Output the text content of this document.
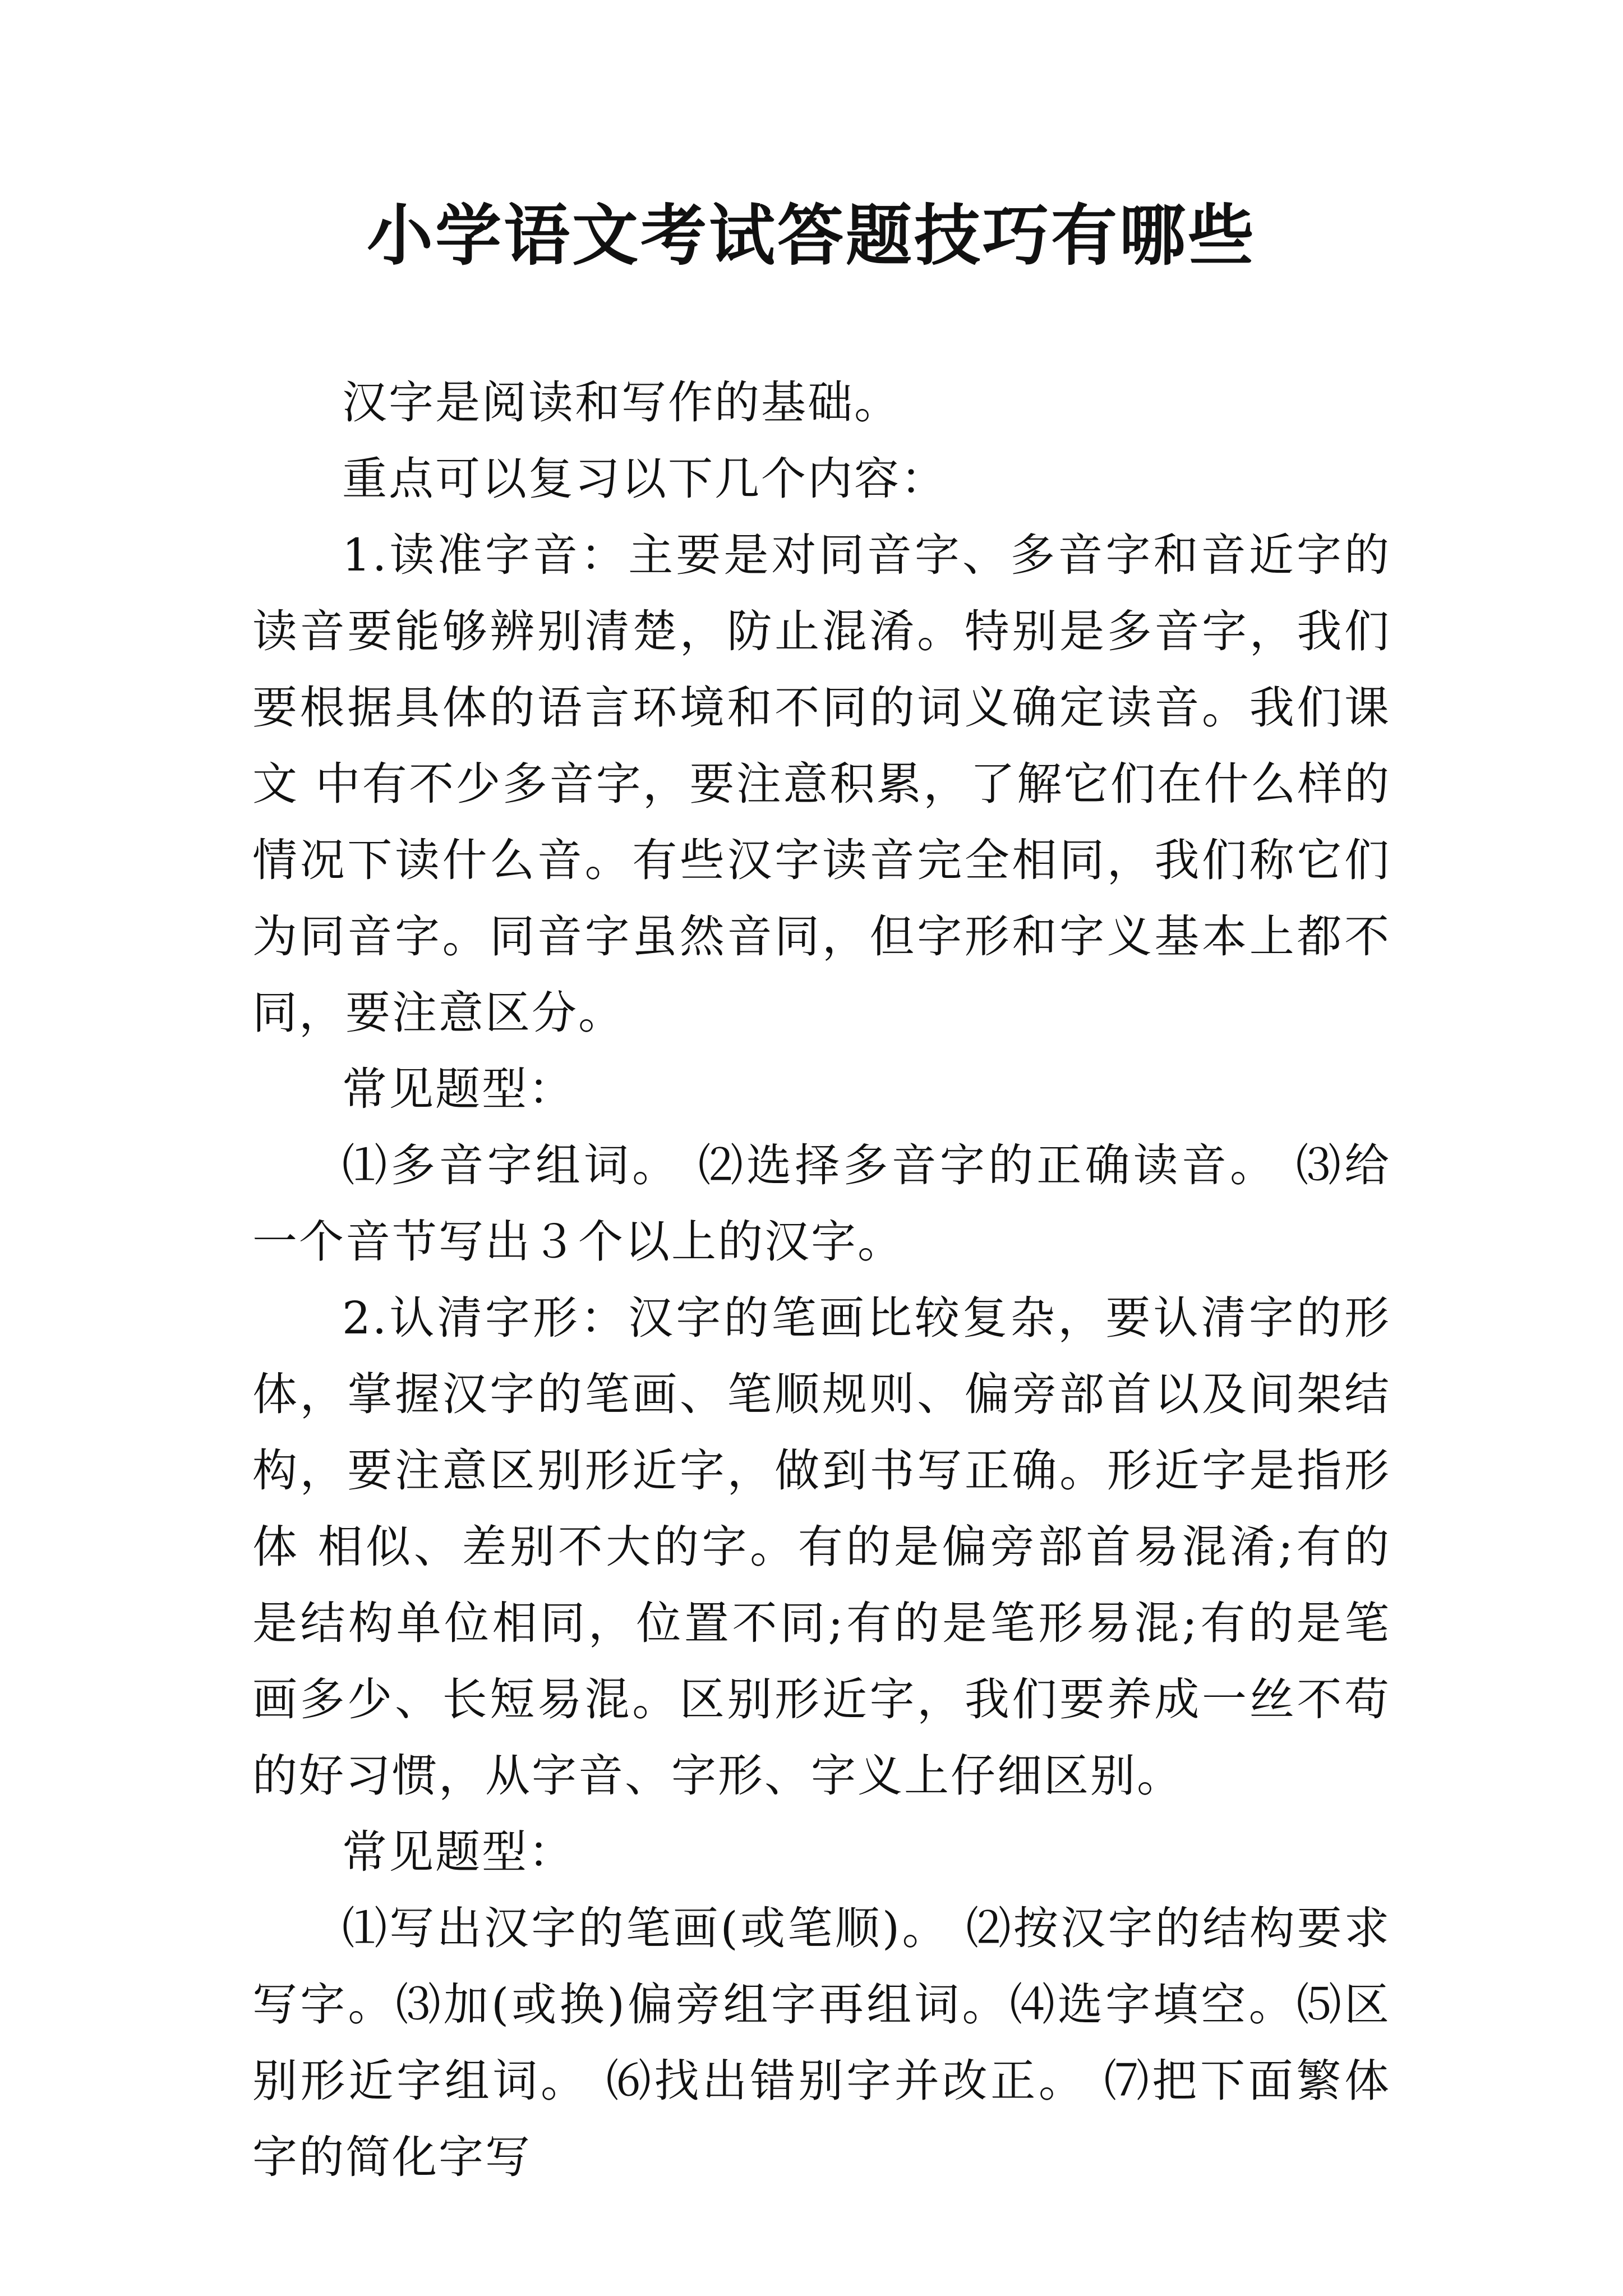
小学语文考试答题技巧有哪些

汉字是阅读和写作的基础。

重点可以复习以下几个内容：

1.读准字音：主要是对同音字、多音字和音近字的读音要能够辨别清楚，防止混淆。特别是多音字，我们要根据具体的语言环境和不同的词义确定读音。我们课文 中有不少多音字，要注意积累，了解它们在什么样的情况下读什么音。有些汉字读音完全相同，我们称它们为同音字。同音字虽然音同，但字形和字义基本上都不 同，要注意区分。

常见题型：

⑴多音字组词。 ⑵选择多音字的正确读音。 ⑶给一个音节写出３个以上的汉字。

2.认清字形：汉字的笔画比较复杂，要认清字的形体，掌握汉字的笔画、笔顺规则、偏旁部首以及间架结构，要注意区别形近字，做到书写正确。形近字是指形体 相似、差别不大的字。有的是偏旁部首易混淆;有的是结构单位相同，位置不同;有的是笔形易混;有的是笔画多少、长短易混。区别形近字，我们要养成一丝不苟 的好习惯，从字音、字形、字义上仔细区别。

常见题型：

⑴写出汉字的笔画(或笔顺)。 ⑵按汉字的结构要求写字。⑶加(或换)偏旁组字再组词。⑷选字填空。⑸区别形近字组词。 ⑹找出错别字并改正。 ⑺把下面繁体字的简化字写
